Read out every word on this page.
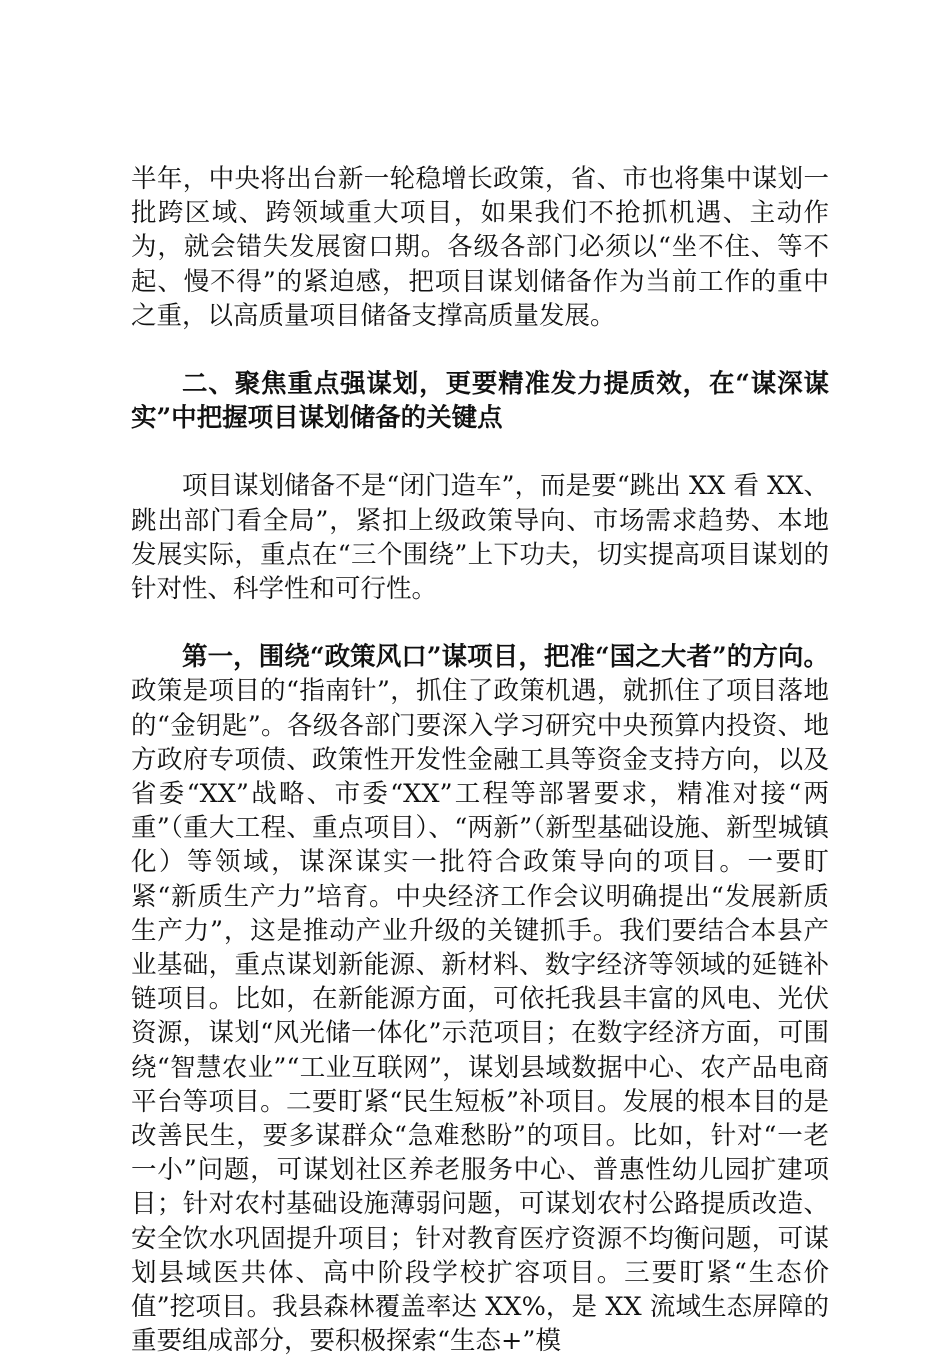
半年，中央将出台新一轮稳增长政策，省、市也将集中谋划一批跨区域、跨领域重大项目，如果我们不抢抓机遇、主动作为，就会错失发展窗口期。各级各部门必须以“坐不住、等不起、慢不得”的紧迫感，把项目谋划储备作为当前工作的重中之重，以高质量项目储备支撑高质量发展。

二、聚焦重点强谋划，更要精准发力提质效，在“谋深谋实”中把握项目谋划储备的关键点

项目谋划储备不是“闭门造车”，而是要“跳出 XX 看 XX、跳出部门看全局”，紧扣上级政策导向、市场需求趋势、本地发展实际，重点在“三个围绕”上下功夫，切实提高项目谋划的针对性、科学性和可行性。

第一，围绕“政策风口”谋项目，把准“国之大者”的方向。 政策是项目的“指南针”，抓住了政策机遇，就抓住了项目落地的“金钥匙”。各级各部门要深入学习研究中央预算内投资、地方政府专项债、政策性开发性金融工具等资金支持方向，以及省委“XX”战略、市委“XX”工程等部署要求，精准对接“两重”（重大工程、重点项目）、“两新”（新型基础设施、新型城镇化）等领域，谋深谋实一批符合政策导向的项目。一要盯紧“新质生产力”培育。中央经济工作会议明确提出“发展新质生产力”，这是推动产业升级的关键抓手。我们要结合本县产业基础，重点谋划新能源、新材料、数字经济等领域的延链补链项目。比如，在新能源方面，可依托我县丰富的风电、光伏资源，谋划“风光储一体化”示范项目；在数字经济方面，可围绕“智慧农业”“工业互联网”，谋划县域数据中心、农产品电商平台等项目。二要盯紧“民生短板”补项目。发展的根本目的是改善民生，要多谋群众“急难愁盼”的项目。比如，针对“一老一小”问题，可谋划社区养老服务中心、普惠性幼儿园扩建项目；针对农村基础设施薄弱问题，可谋划农村公路提质改造、安全饮水巩固提升项目；针对教育医疗资源不均衡问题，可谋划县域医共体、高中阶段学校扩容项目。三要盯紧“生态价值”挖项目。我县森林覆盖率达 XX%，是 XX 流域生态屏障的重要组成部分，要积极探索“生态+”模
